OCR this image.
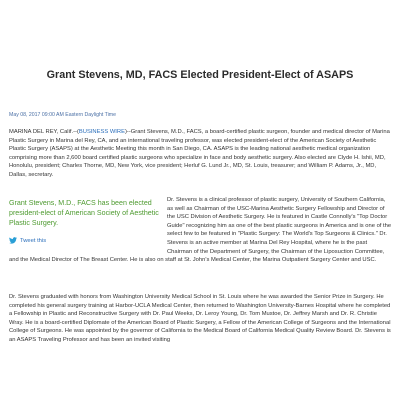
Grant Stevens, MD, FACS Elected President-Elect of ASAPS
May 08, 2017 09:00 AM Eastern Daylight Time
MARINA DEL REY, Calif.--(BUSINESS WIRE)--Grant Stevens, M.D., FACS, a board-certified plastic surgeon, founder and medical director of Marina Plastic Surgery in Marina del Rey, CA, and an international traveling professor, was elected president-elect of the American Society of Aesthetic Plastic Surgery (ASAPS) at the Aesthetic Meeting this month in San Diego, CA. ASAPS is the leading national aesthetic medical organization comprising more than 2,600 board certified plastic surgeons who specialize in face and body aesthetic surgery. Also elected are Clyde H. Ishii, MD, Honolulu, president; Charles Thorne, MD, New York, vice president; Herluf G. Lund Jr., MD, St. Louis, treasurer; and William P. Adams, Jr., MD, Dallas, secretary.
Grant Stevens, M.D., FACS has been elected president-elect of American Society of Aesthetic Plastic Surgery.
Tweet this
Dr. Stevens is a clinical professor of plastic surgery, University of Southern California, as well as Chairman of the USC-Marina Aesthetic Surgery Fellowship and Director of the USC Division of Aesthetic Surgery. He is featured in Castle Connolly's "Top Doctor Guide" recognizing him as one of the best plastic surgeons in America and is one of the select few to be featured in "Plastic Surgery: The World's Top Surgeons & Clinics." Dr. Stevens is an active member at Marina Del Rey Hospital, where he is the past Chairman of the Department of Surgery, the Chairman of the Liposuction Committee, and the Medical Director of The Breast Center. He is also on staff at St. John's Medical Center, the Marina Outpatient Surgery Center and USC.
Dr. Stevens graduated with honors from Washington University Medical School in St. Louis where he was awarded the Senior Prize in Surgery. He completed his general surgery training at Harbor-UCLA Medical Center, then returned to Washington University-Barnes Hospital where he completed a Fellowship in Plastic and Reconstructive Surgery with Dr. Paul Weeks, Dr. Leroy Young, Dr. Tom Mustoe, Dr. Jeffrey Marsh and Dr. R. Christie Wray. He is a board-certified Diplomate of the American Board of Plastic Surgery, a Fellow of the American College of Surgeons and the International College of Surgeons. He was appointed by the governor of California to the Medical Board of California Medical Quality Review Board. Dr. Stevens is an ASAPS Traveling Professor and has been an invited visiting
